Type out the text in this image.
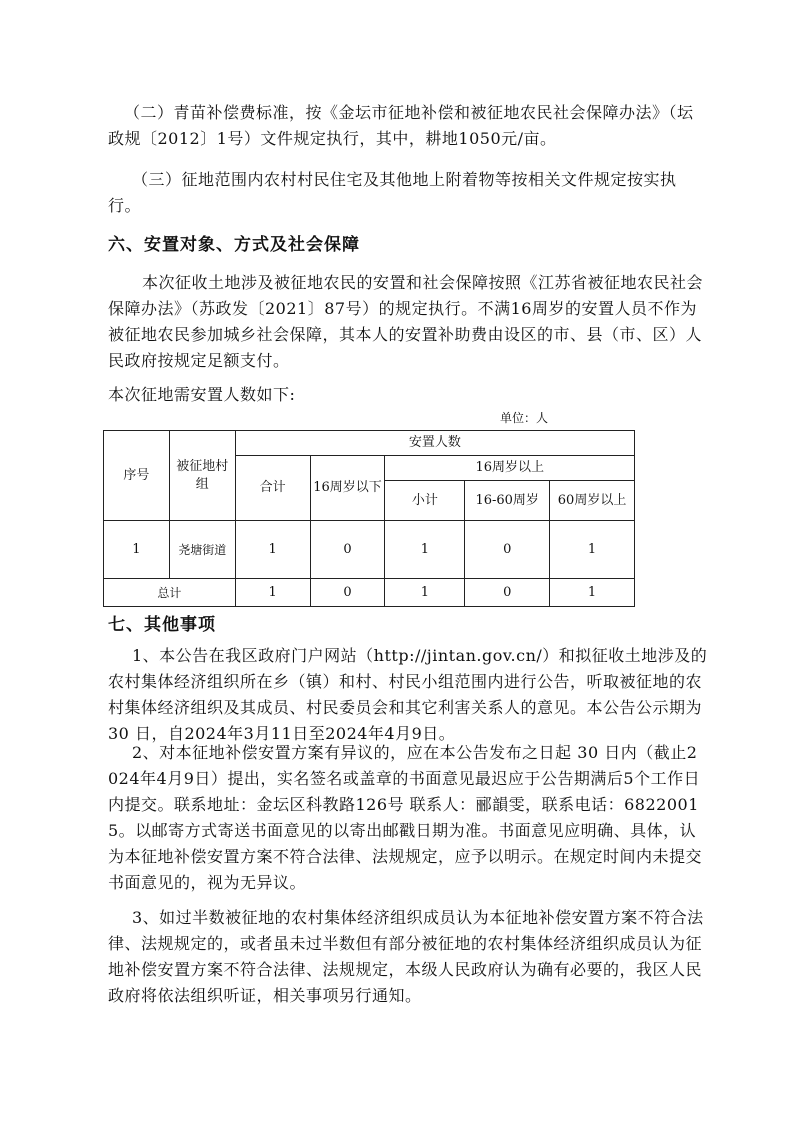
（二）青苗补偿费标准，按《金坛市征地补偿和被征地农民社会保障办法》（坛政规〔2012〕1号）文件规定执行，其中，耕地1050元/亩。

（三）征地范围内农村村民住宅及其他地上附着物等按相关文件规定按实执行。

六、安置对象、方式及社会保障

本次征收土地涉及被征地农民的安置和社会保障按照《江苏省被征地农民社会保障办法》（苏政发〔2021〕87号）的规定执行。不满16周岁的安置人员不作为被征地农民参加城乡社会保障，其本人的安置补助费由设区的市、县（市、区）人民政府按规定足额支付。

本次征地需安置人数如下:

单位：人
序号	被征地村组	安置人数				
		合计	16周岁以下	16周岁以上		
				小计	16-60周岁	60周岁以上
1	尧塘街道	1	0	1	0	1
总计		1	0	1	0	1

七、其他事项

1、本公告在我区政府门户网站（http://jintan.gov.cn/）和拟征收土地涉及的农村集体经济组织所在乡（镇）和村、村民小组范围内进行公告，听取被征地的农村集体经济组织及其成员、村民委员会和其它利害关系人的意见。本公告公示期为 30 日，自2024年3月11日至2024年4月9日。

2、对本征地补偿安置方案有异议的，应在本公告发布之日起 30 日内（截止2024年4月9日）提出，实名签名或盖章的书面意见最迟应于公告期满后5个工作日内提交。联系地址：金坛区科教路126号 联系人：郦韻雯，联系电话：68220015。以邮寄方式寄送书面意见的以寄出邮戳日期为准。书面意见应明确、具体，认为本征地补偿安置方案不符合法律、法规规定，应予以明示。在规定时间内未提交书面意见的，视为无异议。

3、如过半数被征地的农村集体经济组织成员认为本征地补偿安置方案不符合法律、法规规定的，或者虽未过半数但有部分被征地的农村集体经济组织成员认为征地补偿安置方案不符合法律、法规规定，本级人民政府认为确有必要的，我区人民政府将依法组织听证，相关事项另行通知。
